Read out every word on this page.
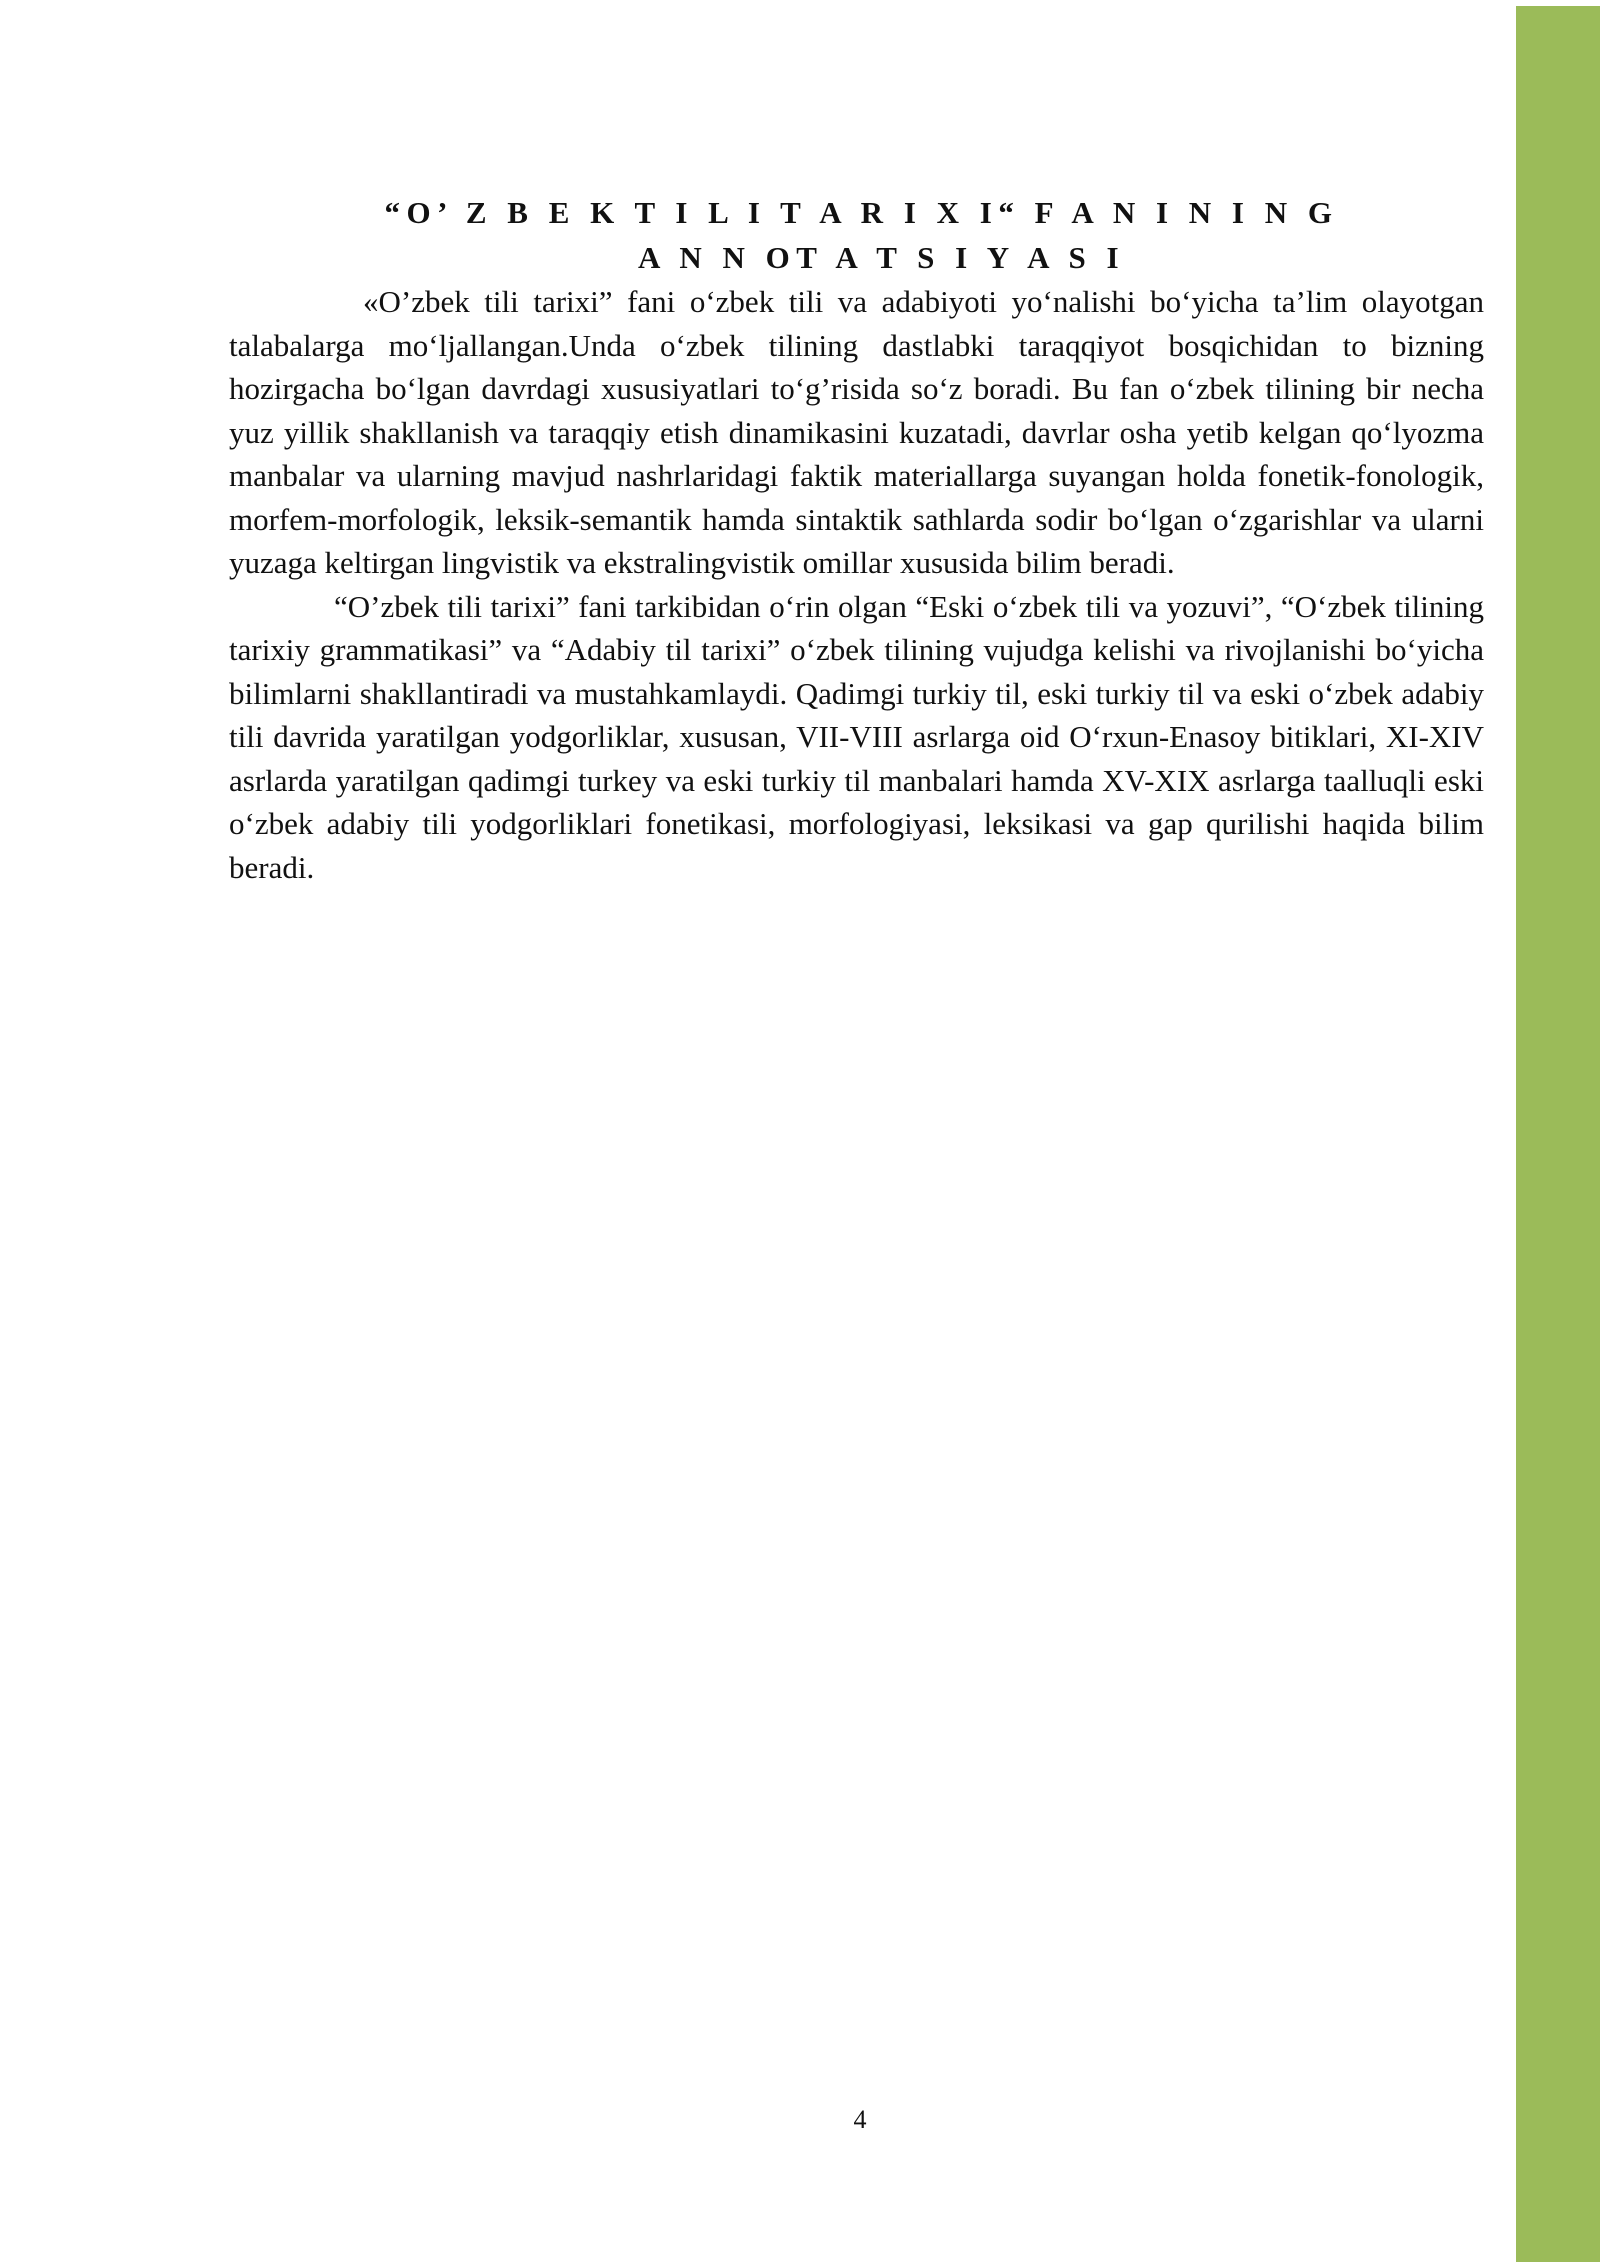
“O’ Z B E K T I L I T A R I X I“ F A N I N I N G
A N N OT A T S I Y A S I

«O’zbek tili tarixi” fani o‘zbek tili va adabiyoti yo‘nalishi bo‘yicha ta’lim olayotgan talabalarga mo‘ljallangan.Unda o‘zbek tilining dastlabki taraqqiyot bosqichidan to bizning hozirgacha bo‘lgan davrdagi xususiyatlari to‘g’risida so‘z boradi. Bu fan o‘zbek tilining bir necha yuz yillik shakllanish va taraqqiy etish dinamikasini kuzatadi, davrlar osha yetib kelgan qo‘lyozma manbalar va ularning mavjud nashrlaridagi faktik materiallarga suyangan holda fonetik-fonologik, morfem-morfologik, leksik-semantik hamda sintaktik sathlarda sodir bo‘lgan o‘zgarishlar va ularni yuzaga keltirgan lingvistik va ekstralingvistik omillar xususida bilim beradi.

“O’zbek tili tarixi” fani tarkibidan o‘rin olgan “Eski o‘zbek tili va yozuvi”, “O‘zbek tilining tarixiy grammatikasi” va “Adabiy til tarixi” o‘zbek tilining vujudga kelishi va rivojlanishi bo‘yicha bilimlarni shakllantiradi va mustahkamlaydi. Qadimgi turkiy til, eski turkiy til va eski o‘zbek adabiy tili davrida yaratilgan yodgorliklar, xususan, VII-VIII asrlarga oid O‘rxun-Enasoy bitiklari, XI-XIV asrlarda yaratilgan qadimgi turkey va eski turkiy til manbalari hamda XV-XIX asrlarga taalluqli eski o‘zbek adabiy tili yodgorliklari fonetikasi, morfologiyasi, leksikasi va gap qurilishi haqida bilim beradi.

4
